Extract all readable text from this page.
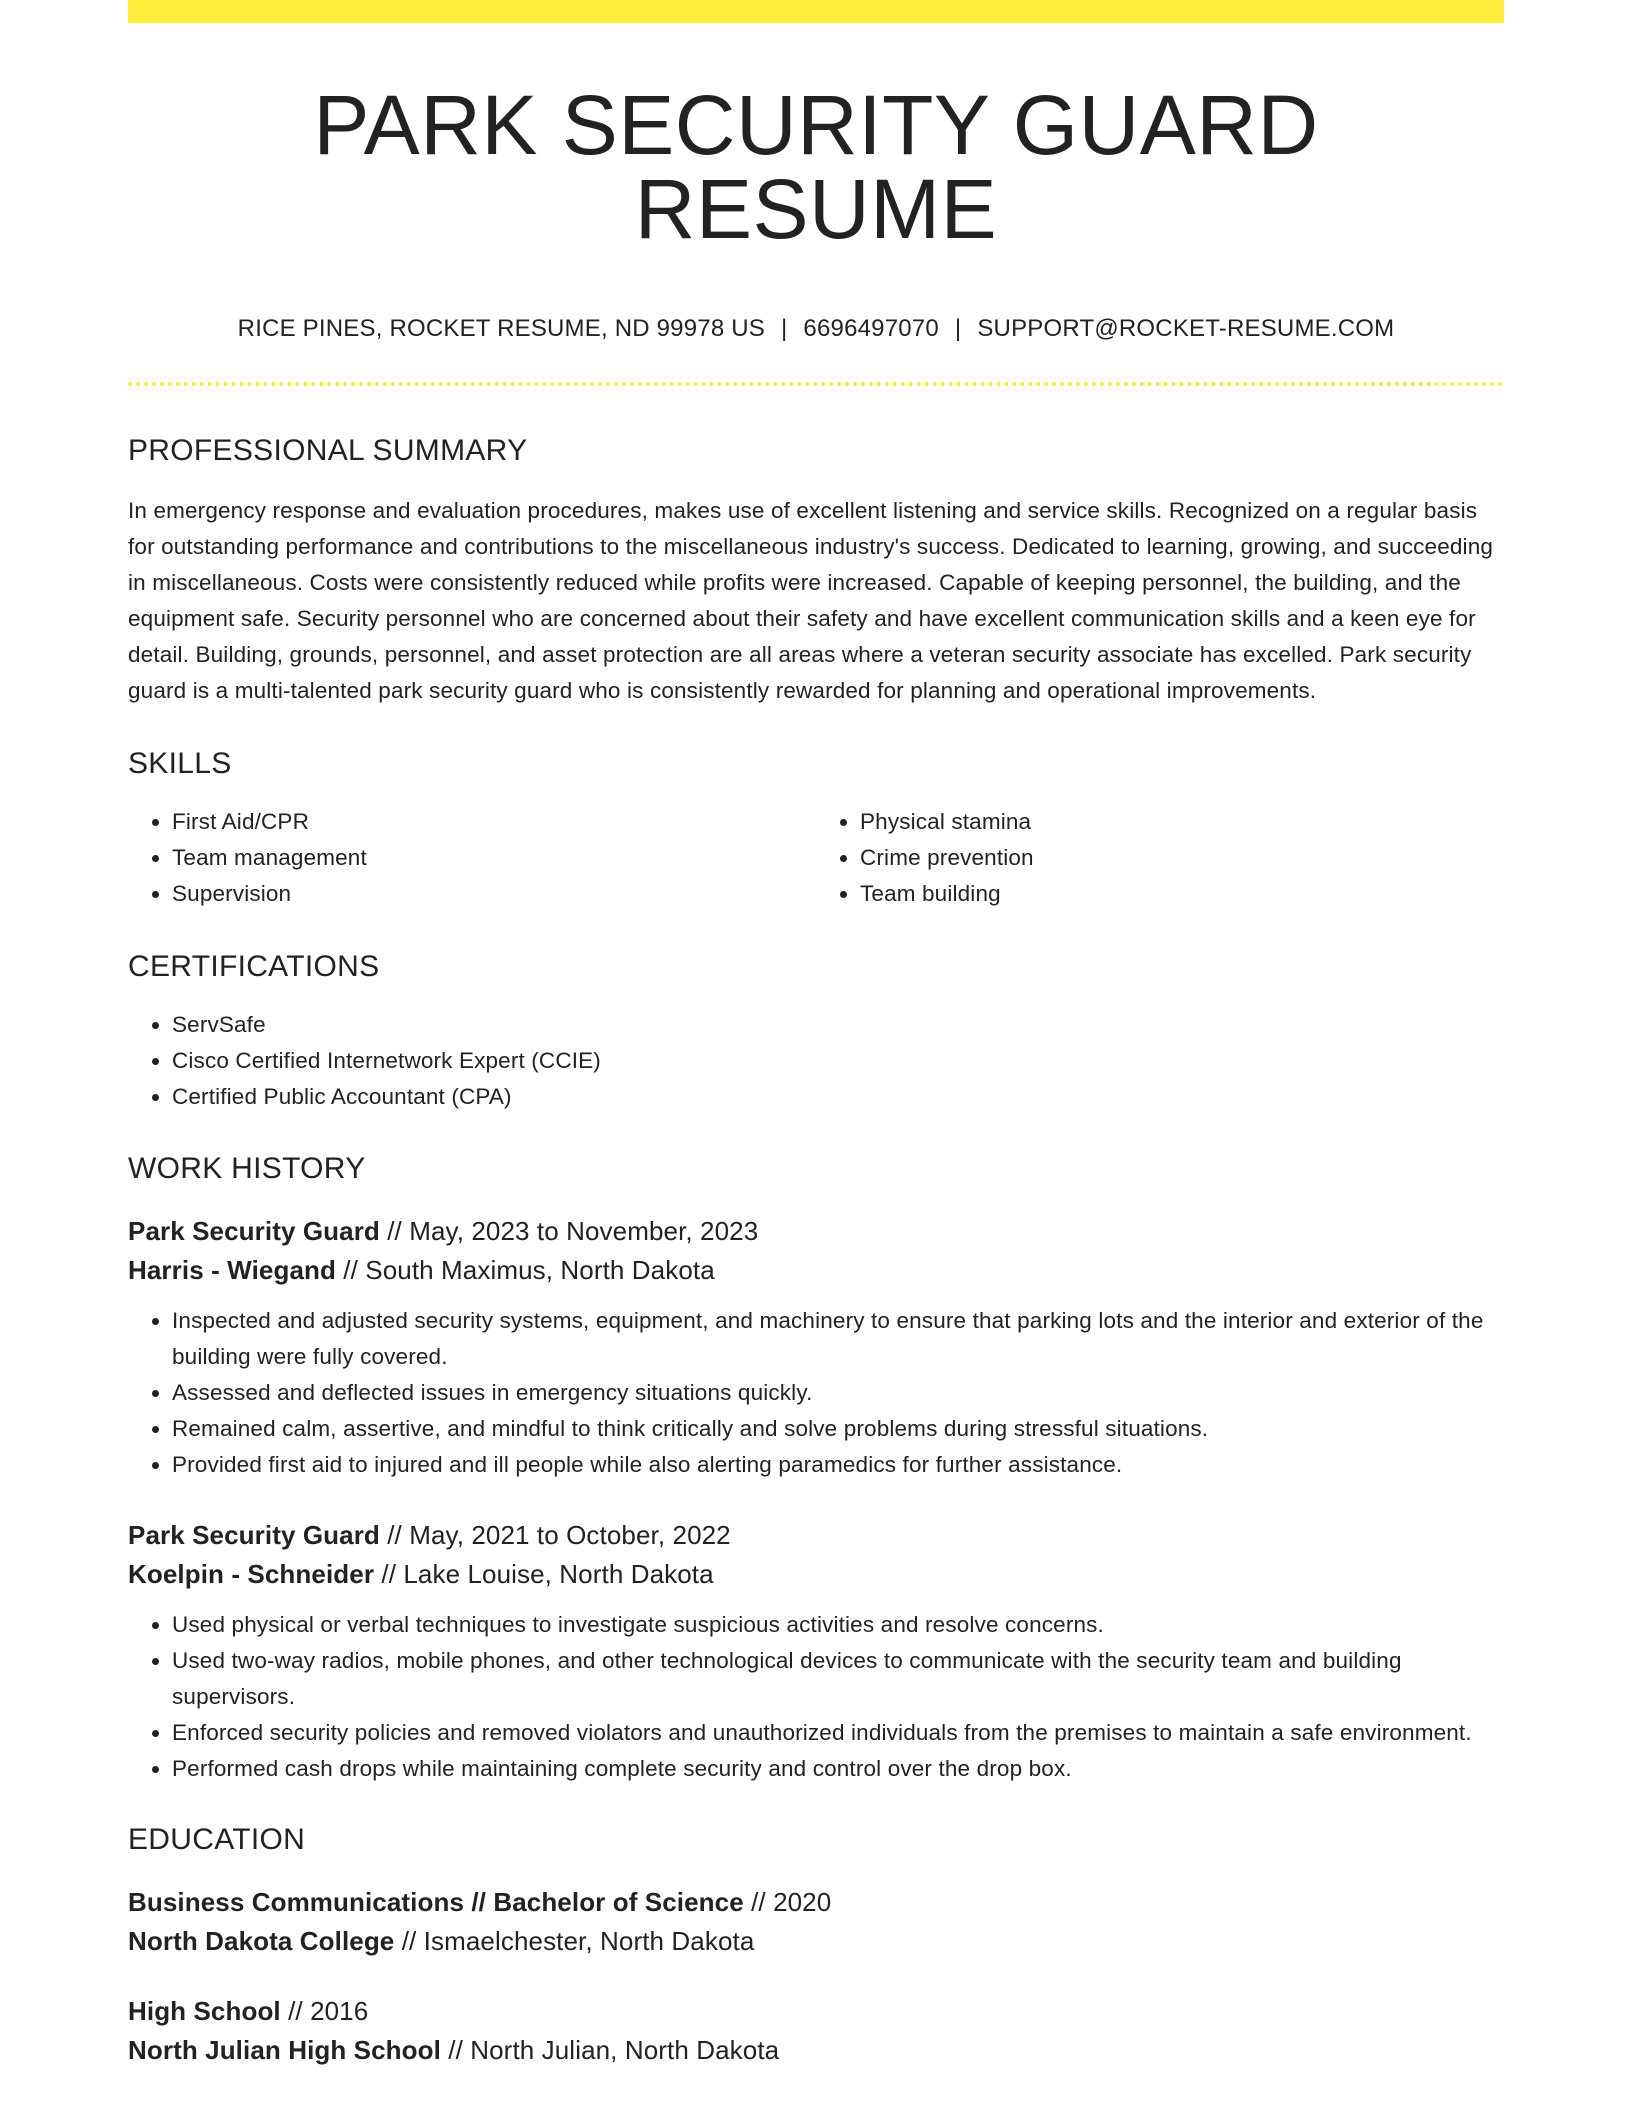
PARK SECURITY GUARD RESUME
RICE PINES, ROCKET RESUME, ND 99978 US | 6696497070 | SUPPORT@ROCKET-RESUME.COM
PROFESSIONAL SUMMARY

In emergency response and evaluation procedures, makes use of excellent listening and service skills. Recognized on a regular basis for outstanding performance and contributions to the miscellaneous industry's success. Dedicated to learning, growing, and succeeding in miscellaneous. Costs were consistently reduced while profits were increased. Capable of keeping personnel, the building, and the equipment safe. Security personnel who are concerned about their safety and have excellent communication skills and a keen eye for detail. Building, grounds, personnel, and asset protection are all areas where a veteran security associate has excelled. Park security guard is a multi-talented park security guard who is consistently rewarded for planning and operational improvements.

SKILLS
• First Aid/CPR
• Team management
• Supervision
• Physical stamina
• Crime prevention
• Team building
CERTIFICATIONS
• ServSafe
• Cisco Certified Internetwork Expert (CCIE)
• Certified Public Accountant (CPA)
WORK HISTORY
Park Security Guard // May, 2023 to November, 2023
Harris - Wiegand // South Maximus, North Dakota
• Inspected and adjusted security systems, equipment, and machinery to ensure that parking lots and the interior and exterior of the building were fully covered.
• Assessed and deflected issues in emergency situations quickly.
• Remained calm, assertive, and mindful to think critically and solve problems during stressful situations.
• Provided first aid to injured and ill people while also alerting paramedics for further assistance.
Park Security Guard // May, 2021 to October, 2022
Koelpin - Schneider // Lake Louise, North Dakota
• Used physical or verbal techniques to investigate suspicious activities and resolve concerns.
• Used two-way radios, mobile phones, and other technological devices to communicate with the security team and building supervisors.
• Enforced security policies and removed violators and unauthorized individuals from the premises to maintain a safe environment.
• Performed cash drops while maintaining complete security and control over the drop box.
EDUCATION
Business Communications // Bachelor of Science // 2020
North Dakota College // Ismaelchester, North Dakota
High School // 2016
North Julian High School // North Julian, North Dakota
